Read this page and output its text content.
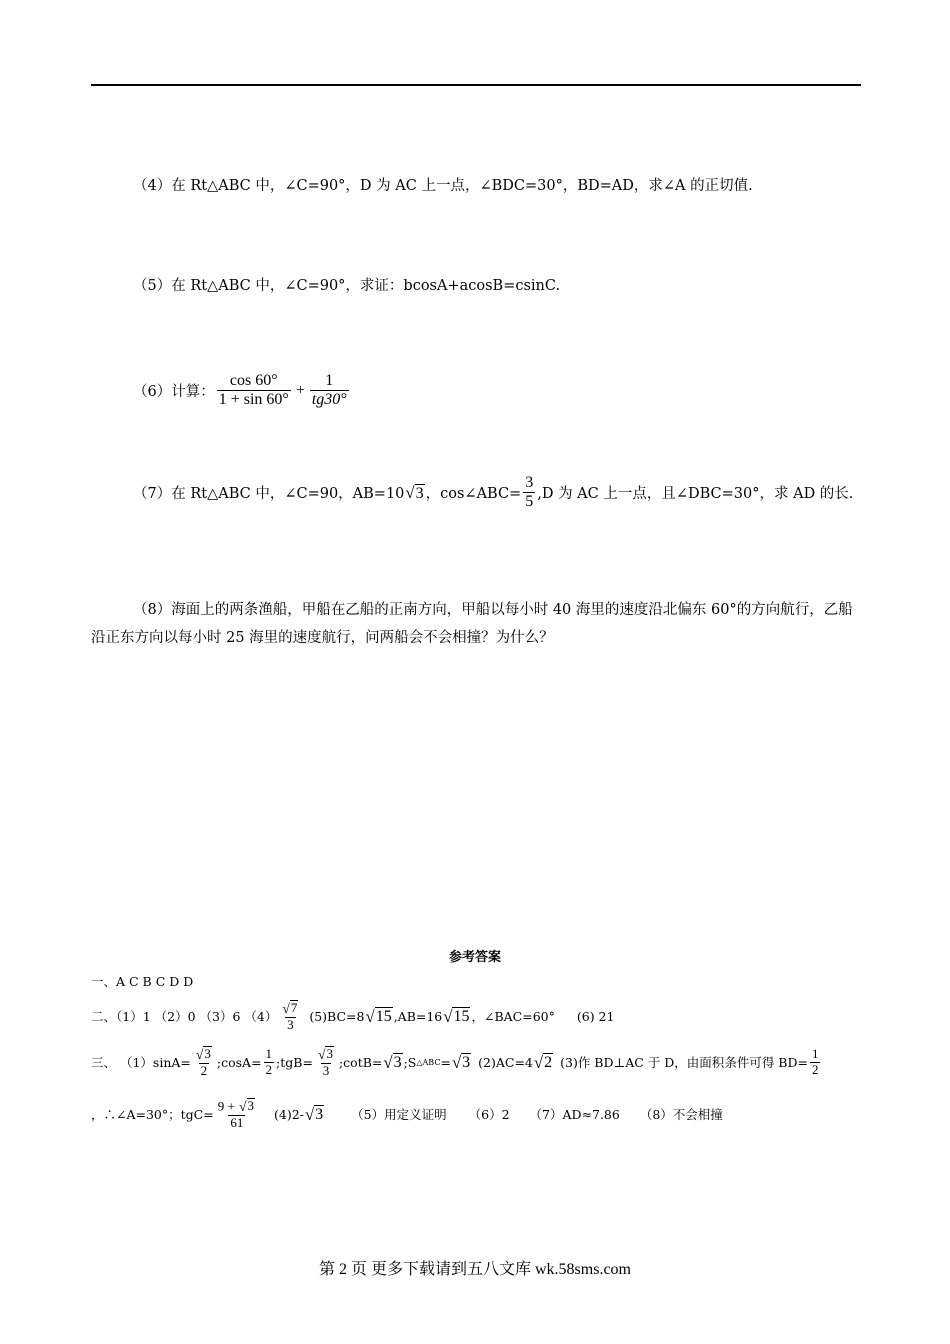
（4）在 Rt△ABC 中，∠C=90°，D 为 AC 上一点，∠BDC=30°，BD=AD，求∠A 的正切值.
（5）在 Rt△ABC 中，∠C=90°，求证：bcosA+acosB=csinC.
（6）计算： $\frac{\cos 60^\circ}{1 + \sin 60^\circ} + \frac{1}{tg30^\circ}$
（7）在 Rt△ABC 中，∠C=90，AB=10 √ 3 ，cos∠ABC= $\frac{3}{5} ,D$ 为 AC 上一点，且∠DBC=30°，求 AD 的长.
（8）海面上的两条渔船，甲船在乙船的正南方向，甲船以每小时 40 海里的速度沿北偏东 60°的方向航行，乙船沿正东方向以每小时 25 海里的速度航行，问两船会不会相撞？为什么？
参考答案
一、A C B C D D
二、（1）1 （2）0 （3）6 $(4) \frac{√ 7}{3} (5)BC=8$ √ 15 ,AB=16 √ 15 ，∠BAC=60° (6) 21
三、 $(1)\sin A= \frac{√ 3}{2}$ ;cosA= $\frac{1}{2}$ ;tgB= $\frac{√ 3}{3}$ ;cotB= √ 3 ;S △ABC = √ 3 (2)AC=4 √ 2 (3)作 BD⊥AC 于 D，由面积条件可得 $BD= \frac{1}{2}$
，∴∠A=30°；$tgC= \frac{9 + √ 3}{61} (4)2-$ √ 3 （5）用定义证明 （6）2 （7）AD≈7.86 （8）不会相撞
第 2 页 更多下载请到五八文库 wk.58sms.com
